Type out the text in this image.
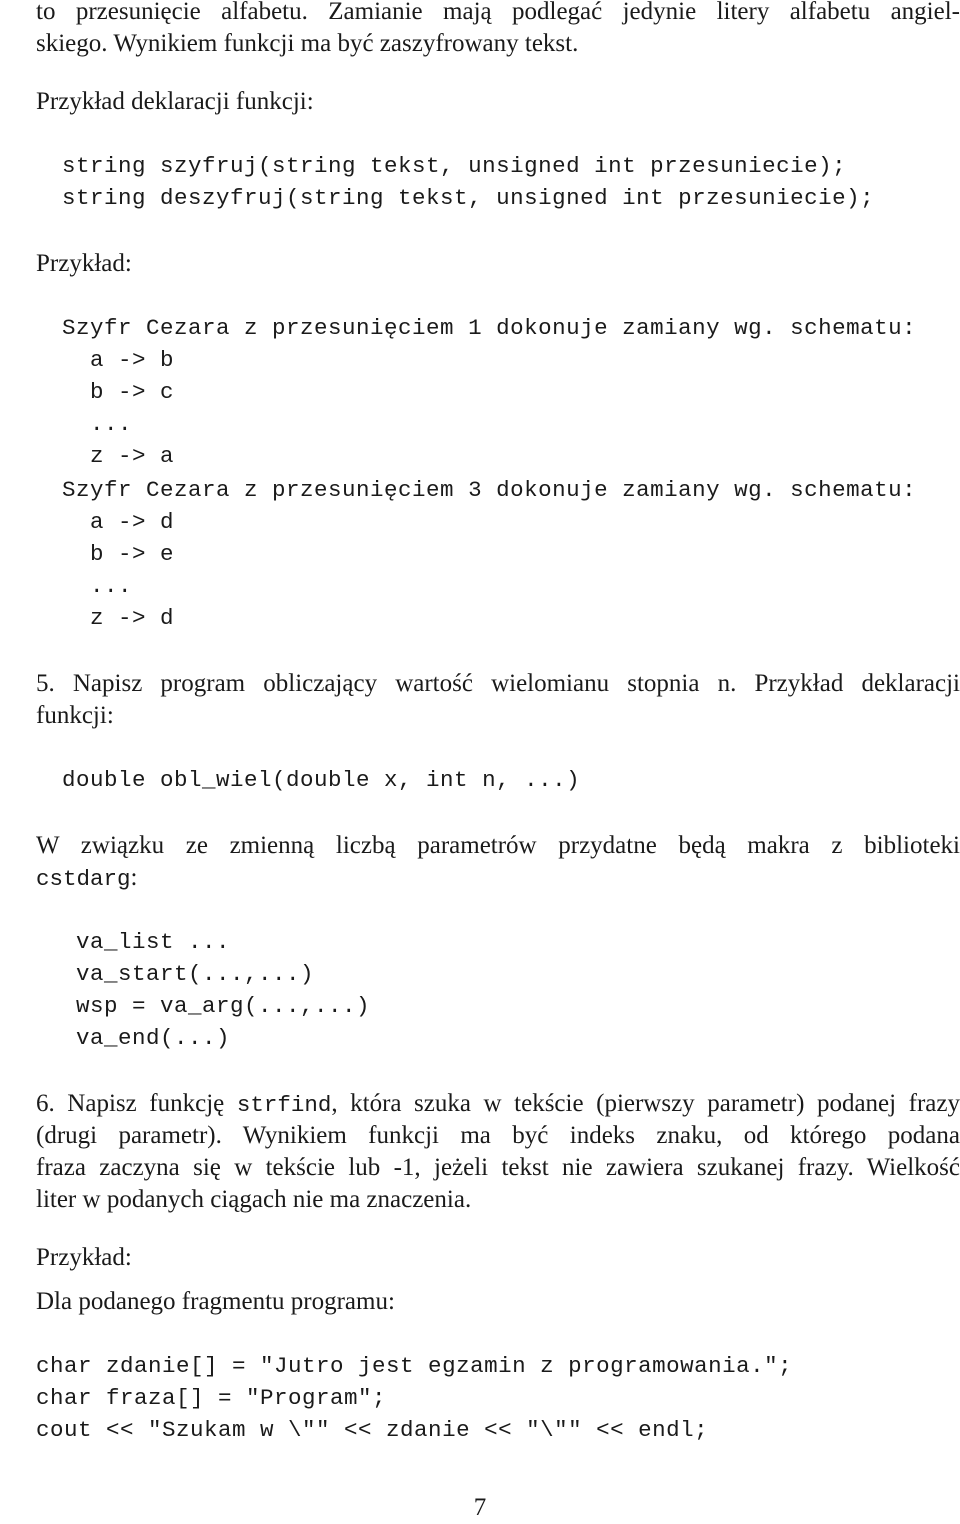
to przesunięcie alfabetu. Zamianie mają podlegać jedynie litery alfabetu angiel-
skiego. Wynikiem funkcji ma być zaszyfrowany tekst.
Przykład deklaracji funkcji:
string szyfruj(string tekst, unsigned int przesuniecie);
string deszyfruj(string tekst, unsigned int przesuniecie);
Przykład:
Szyfr Cezara z przesunięciem 1 dokonuje zamiany wg. schematu:
a -> b
b -> c
...
z -> a
Szyfr Cezara z przesunięciem 3 dokonuje zamiany wg. schematu:
a -> d
b -> e
...
z -> d
5. Napisz program obliczający wartość wielomianu stopnia n. Przykład deklaracji
funkcji:
double obl_wiel(double x, int n, ...)
W związku ze zmienną liczbą parametrów przydatne będą makra z biblioteki
cstdarg:
va_list ...
va_start(...,...)
wsp = va_arg(...,...)
va_end(...)
6. Napisz funkcję strfind, która szuka w tekście (pierwszy parametr) podanej frazy
(drugi parametr). Wynikiem funkcji ma być indeks znaku, od którego podana
fraza zaczyna się w tekście lub -1, jeżeli tekst nie zawiera szukanej frazy. Wielkość
liter w podanych ciągach nie ma znaczenia.
Przykład:
Dla podanego fragmentu programu:
char zdanie[] = "Jutro jest egzamin z programowania.";
char fraza[] = "Program";
cout << "Szukam w \"" << zdanie << "\"" << endl;
7
